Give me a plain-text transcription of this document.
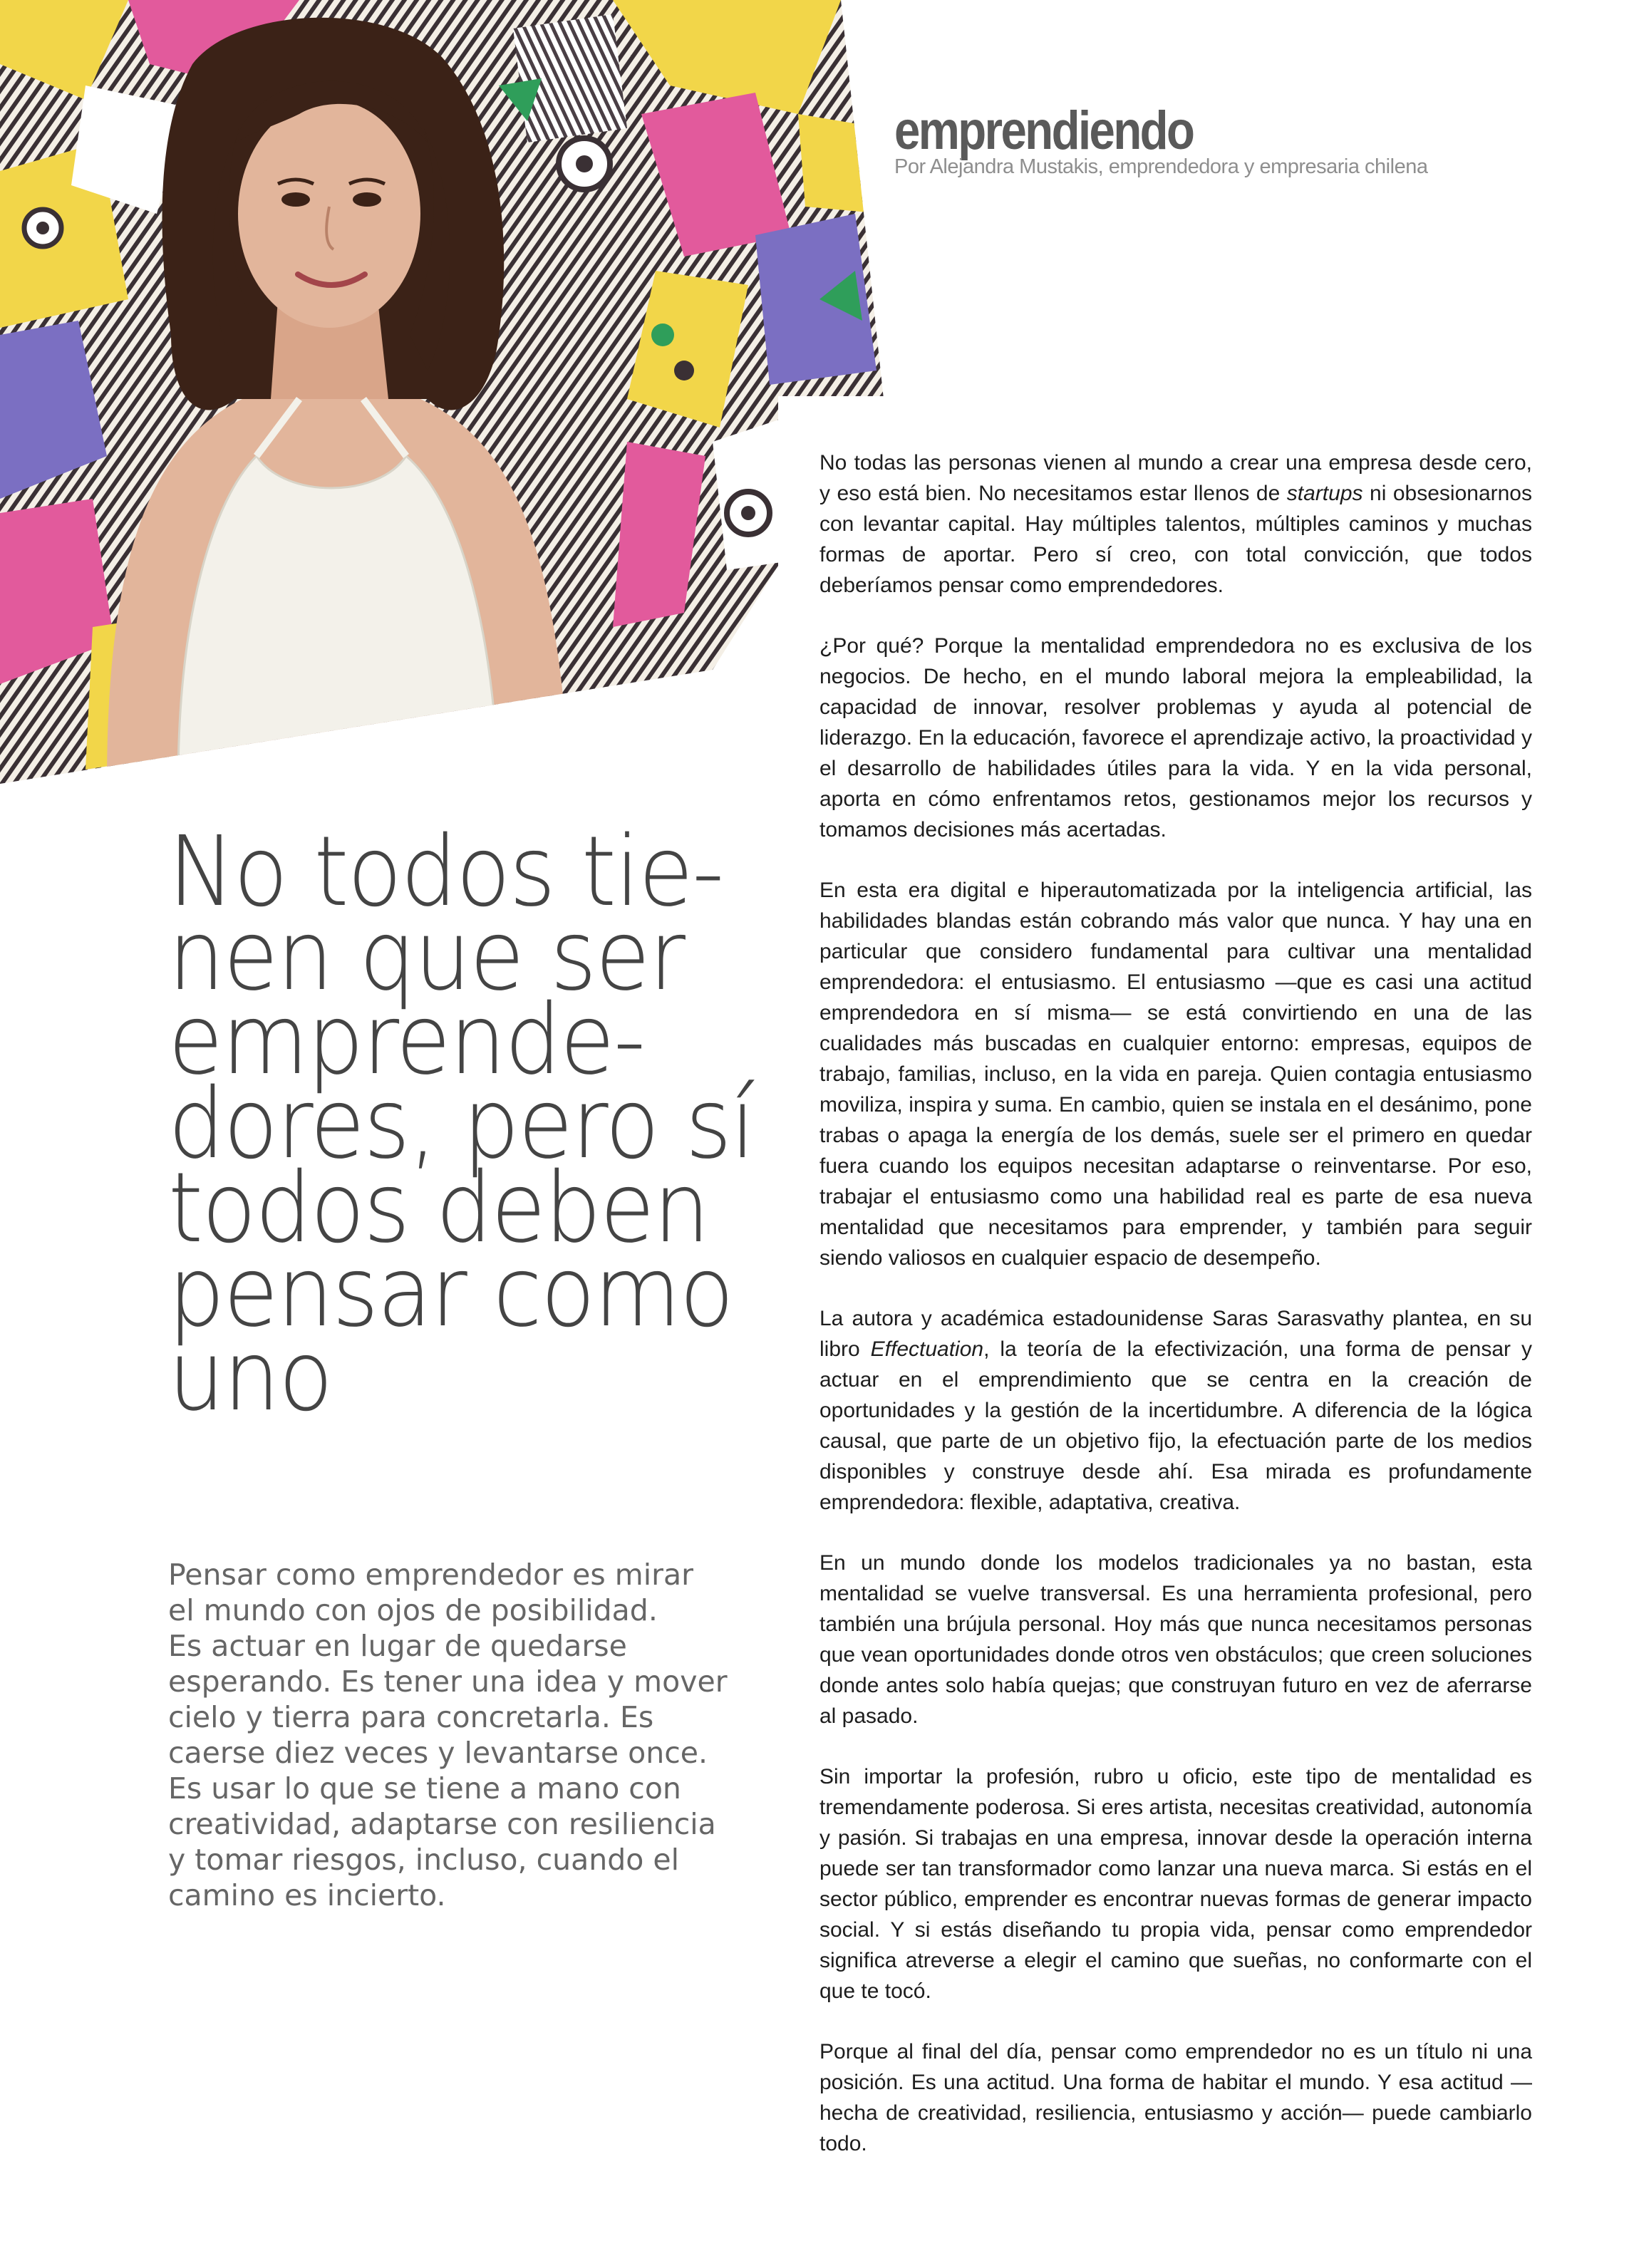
emprendiendo
Por Alejandra Mustakis, emprendedora y empresaria chilena
No todos tie-
nen que ser
emprende-
dores, pero sí
todos deben
pensar como
uno
Pensar como emprendedor es mirar
el mundo con ojos de posibilidad.
Es actuar en lugar de quedarse
esperando. Es tener una idea y mover
cielo y tierra para concretarla. Es
caerse diez veces y levantarse once.
Es usar lo que se tiene a mano con
creatividad, adaptarse con resiliencia
y tomar riesgos, incluso, cuando el
camino es incierto.

No todas las personas vienen al mundo a crear una empresa desde cero, y eso está bien. No necesitamos estar llenos de startups ni obsesionarnos con levantar capital. Hay múltiples talentos, múltiples caminos y muchas formas de aportar. Pero sí creo, con total convicción, que todos deberíamos pensar como emprendedores.

¿Por qué? Porque la mentalidad emprendedora no es exclusiva de los negocios. De hecho, en el mundo laboral mejora la empleabilidad, la capacidad de innovar, resolver problemas y ayuda al potencial de liderazgo. En la educación, favorece el aprendizaje activo, la proactividad y el desarrollo de habilidades útiles para la vida. Y en la vida personal, aporta en cómo enfrentamos retos, gestionamos mejor los recursos y tomamos decisiones más acertadas.

En esta era digital e hiperautomatizada por la inteligencia artificial, las habilidades blandas están cobrando más valor que nunca. Y hay una en particular que considero fundamental para cultivar una mentalidad emprendedora: el entusiasmo. El entusiasmo —que es casi una actitud emprendedora en sí misma— se está convirtiendo en una de las cualidades más buscadas en cualquier entorno: empresas, equipos de trabajo, familias, incluso, en la vida en pareja. Quien contagia entusiasmo moviliza, inspira y suma. En cambio, quien se instala en el desánimo, pone trabas o apaga la energía de los demás, suele ser el primero en quedar fuera cuando los equipos necesitan adaptarse o reinventarse. Por eso, trabajar el entusiasmo como una habilidad real es parte de esa nueva mentalidad que necesitamos para emprender, y también para seguir siendo valiosos en cualquier espacio de desempeño.

La autora y académica estadounidense Saras Sarasvathy plantea, en su libro Effectuation, la teoría de la efectivización, una forma de pensar y actuar en el emprendimiento que se centra en la creación de oportunidades y la gestión de la incertidumbre. A diferencia de la lógica causal, que parte de un objetivo fijo, la efectuación parte de los medios disponibles y construye desde ahí. Esa mirada es profundamente emprendedora: flexible, adaptativa, creativa.

En un mundo donde los modelos tradicionales ya no bastan, esta mentalidad se vuelve transversal. Es una herramienta profesional, pero también una brújula personal. Hoy más que nunca necesitamos personas que vean oportunidades donde otros ven obstáculos; que creen soluciones donde antes solo había quejas; que construyan futuro en vez de aferrarse al pasado.

Sin importar la profesión, rubro u oficio, este tipo de mentalidad es tremendamente poderosa. Si eres artista, necesitas creatividad, autonomía y pasión. Si trabajas en una empresa, innovar desde la operación interna puede ser tan transformador como lanzar una nueva marca. Si estás en el sector público, emprender es encontrar nuevas formas de generar impacto social. Y si estás diseñando tu propia vida, pensar como emprendedor significa atreverse a elegir el camino que sueñas, no conformarte con el que te tocó.

Porque al final del día, pensar como emprendedor no es un título ni una posición. Es una actitud. Una forma de habitar el mundo. Y esa actitud —hecha de creatividad, resiliencia, entusiasmo y acción— puede cambiarlo todo.
